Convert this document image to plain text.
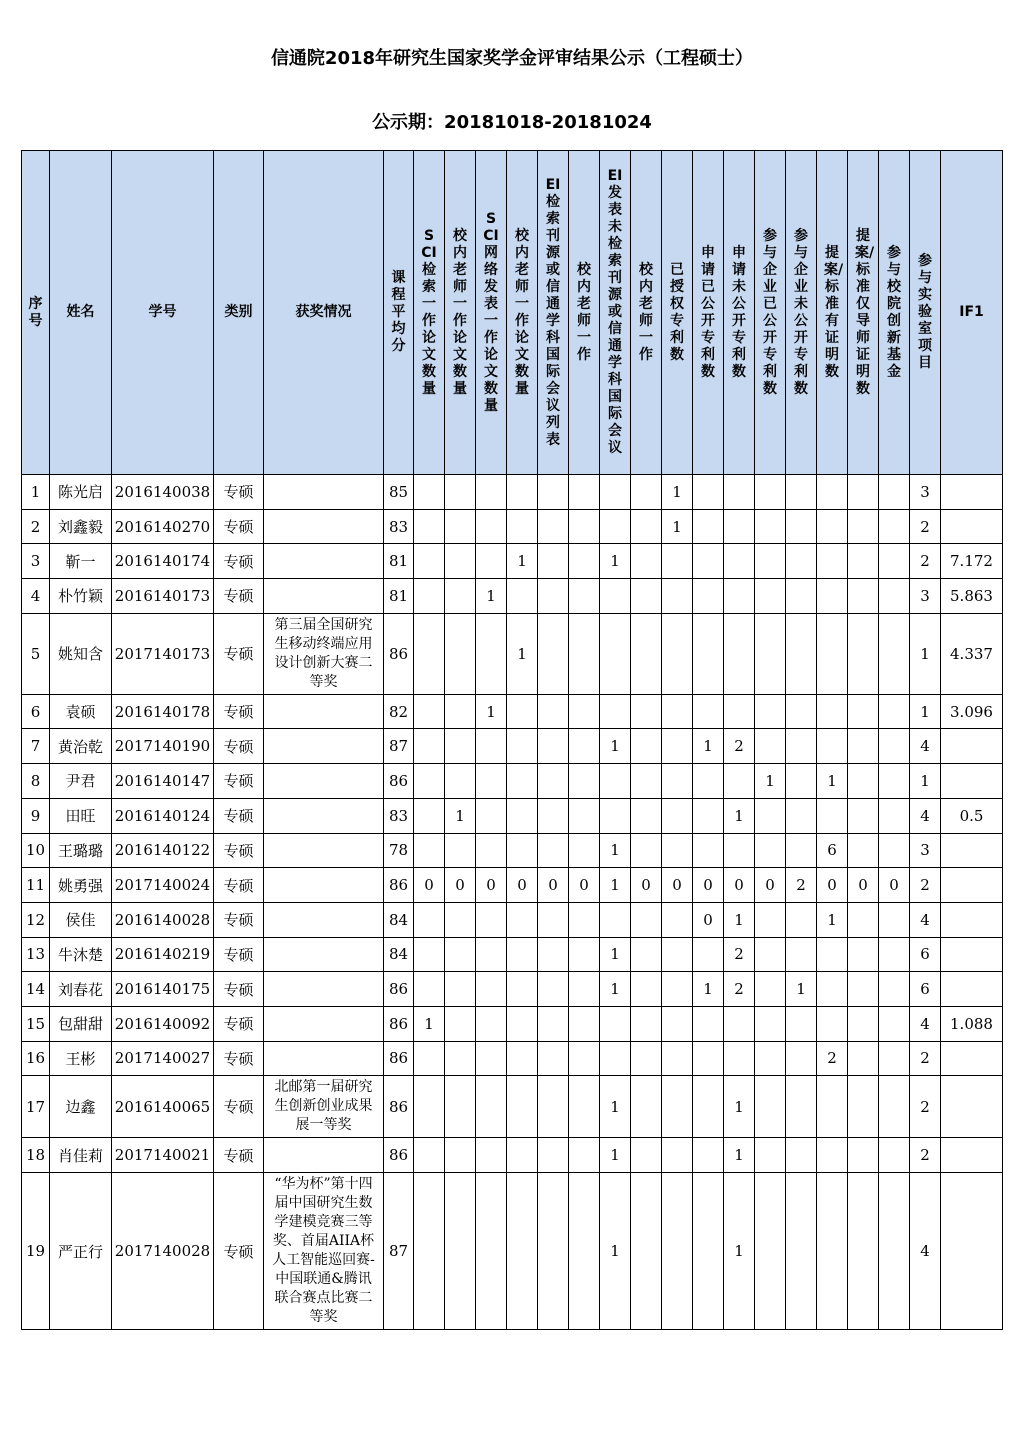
信通院2018年研究生国家奖学金评审结果公示（工程硕士）
公示期：20181018-20181024
序号	姓名	学号	类别	获奖情况	课程平均分	SCI检索一作论文数量	校内老师一作论文数量	SCI网络发表一作论文数量	校内老师一作论文数量	EI检索刊源或信通学科国际会议列表	校内老师一作	EI发表未检索刊源或信通学科国际会议	校内老师一作	已授权专利数	申请已公开专利数	申请未公开专利数	参与企业已公开专利数	参与企业未公开专利数	提案/标准有证明数	提案/标准仅导师证明数	参与校院创新基金	参与实验室项目	IF1
1	陈光启	2016140038	专硕		85									1								3	
2	刘鑫毅	2016140270	专硕		83									1								2	
3	靳一	2016140174	专硕		81				1			1										2	7.172
4	朴竹颖	2016140173	专硕		81			1														3	5.863
5	姚知含	2017140173	专硕	第三届全国研究生移动终端应用设计创新大赛二等奖	86				1													1	4.337
6	袁硕	2016140178	专硕		82			1														1	3.096
7	黄治乾	2017140190	专硕		87							1			1	2						4	
8	尹君	2016140147	专硕		86												1		1			1	
9	田旺	2016140124	专硕		83		1									1						4	0.5
10	王璐璐	2016140122	专硕		78							1							6			3	
11	姚勇强	2017140024	专硕		86	0	0	0	0	0	0	1	0	0	0	0	0	2	0	0	0	2	
12	侯佳	2016140028	专硕		84										0	1			1			4	
13	牛沐楚	2016140219	专硕		84							1				2						6	
14	刘春花	2016140175	专硕		86							1			1	2		1				6	
15	包甜甜	2016140092	专硕		86	1																4	1.088
16	王彬	2017140027	专硕		86														2			2	
17	边鑫	2016140065	专硕	北邮第一届研究生创新创业成果展一等奖	86							1				1						2	
18	肖佳莉	2017140021	专硕		86							1				1						2	
19	严正行	2017140028	专硕	“华为杯”第十四届中国研究生数学建模竞赛三等奖、首届AIIA杯人工智能巡回赛-中国联通&腾讯联合赛点比赛二等奖	87							1				1						4	
